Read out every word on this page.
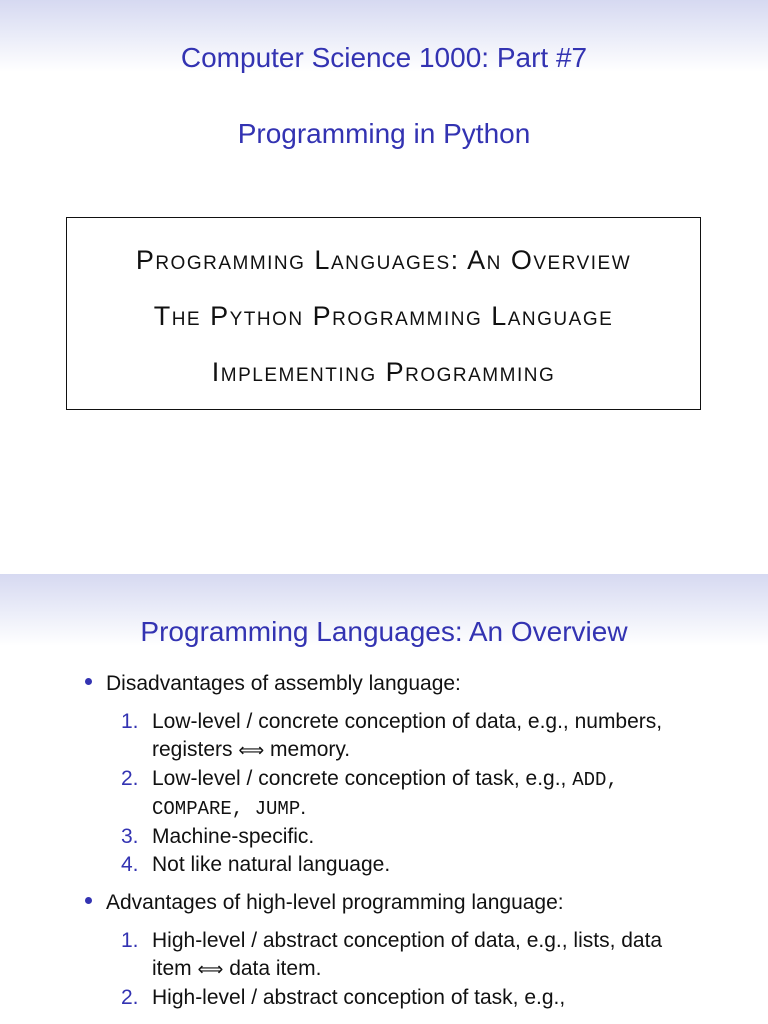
Computer Science 1000: Part #7
Programming in Python
Programming Languages: An Overview
The Python Programming Language
Implementing Programming
Programming Languages: An Overview
Disadvantages of assembly language:
1. Low-level / concrete conception of data, e.g., numbers, registers ⟺ memory.
2. Low-level / concrete conception of task, e.g., ADD, COMPARE, JUMP.
3. Machine-specific.
4. Not like natural language.
Advantages of high-level programming language:
1. High-level / abstract conception of data, e.g., lists, data item ⟺ data item.
2. High-level / abstract conception of task, e.g.,
